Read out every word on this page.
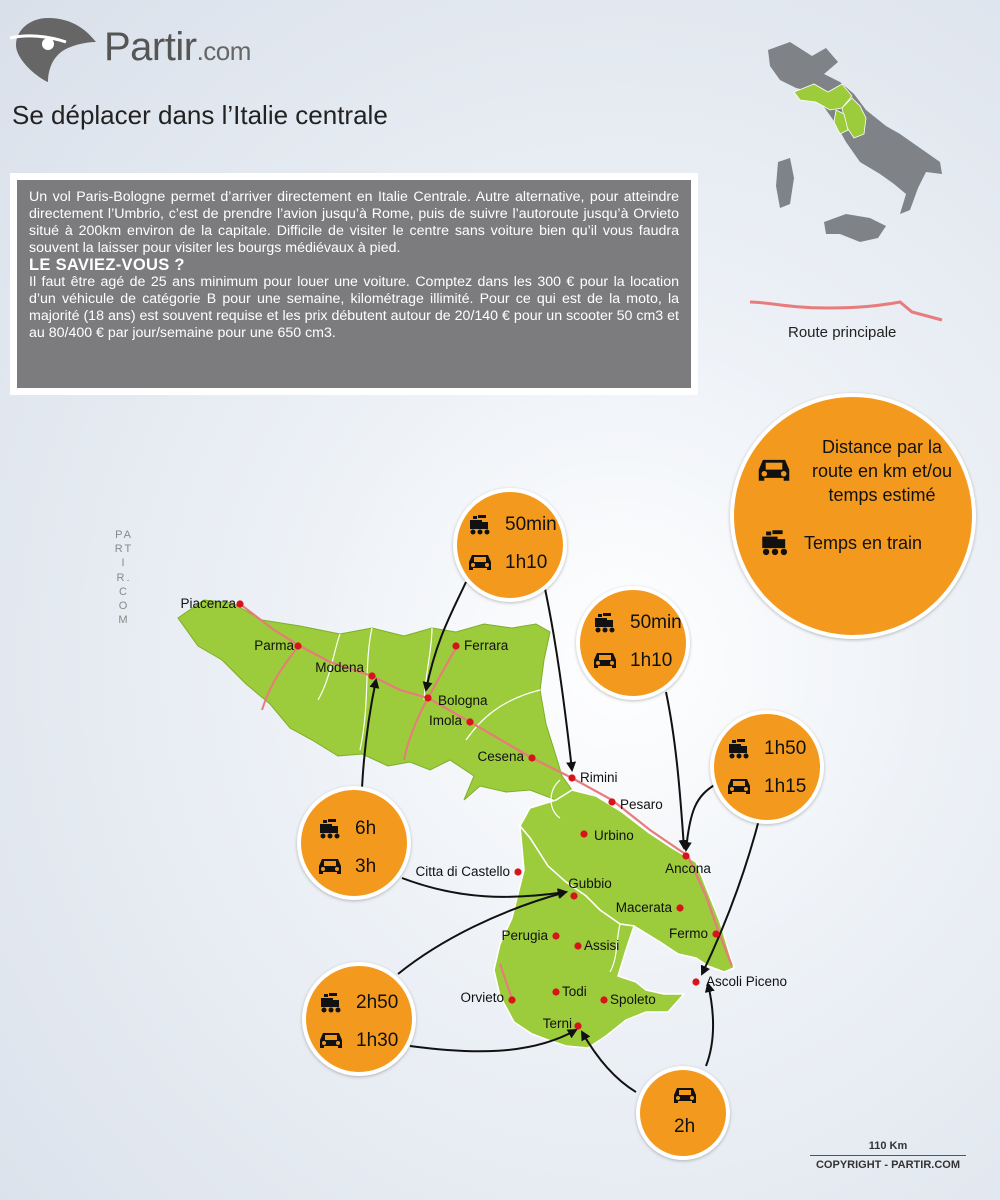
Partir.com
Se déplacer dans l’Italie centrale

Un vol Paris-Bologne permet d’arriver directement en Italie Centrale. Autre alternative, pour atteindre directement l’Umbrio, c’est de prendre l’avion jusqu’à Rome, puis de suivre l’autoroute jusqu’à Orvieto situé à 200km environ de la capitale. Difficile de visiter le centre sans voiture bien qu’il vous faudra souvent la laisser pour visiter les bourgs médiévaux à pied.

LE SAVIEZ-VOUS ?

Il faut être agé de 25 ans minimum pour louer une voiture. Comptez dans les 300 € pour la location d’un véhicule de catégorie B pour une semaine, kilométrage illimité. Pour ce qui est de la moto, la majorité (18 ans) est souvent requise et les prix débutent autour de 20/140 € pour un scooter 50 cm3 et au 80/400 € par jour/semaine pour une 650 cm3.	Route principale
PARTIR.COM
Piacenza
Parma
Modena
Ferrara
Bologna
Imola
Cesena
Rimini
Pesaro
Urbino
Ancona
Citta di Castello
Gubbio
Macerata
Perugia
Assisi
Fermo
Ascoli Piceno
Orvieto	Todi
Spoleto
Terni
50min
1h10
50min
1h10
1h50
1h15
6h
3h
2h50
1h30
2h
Distance par la route en km et/ou temps estimé
Temps en train
110 Km
COPYRIGHT - PARTIR.COM
